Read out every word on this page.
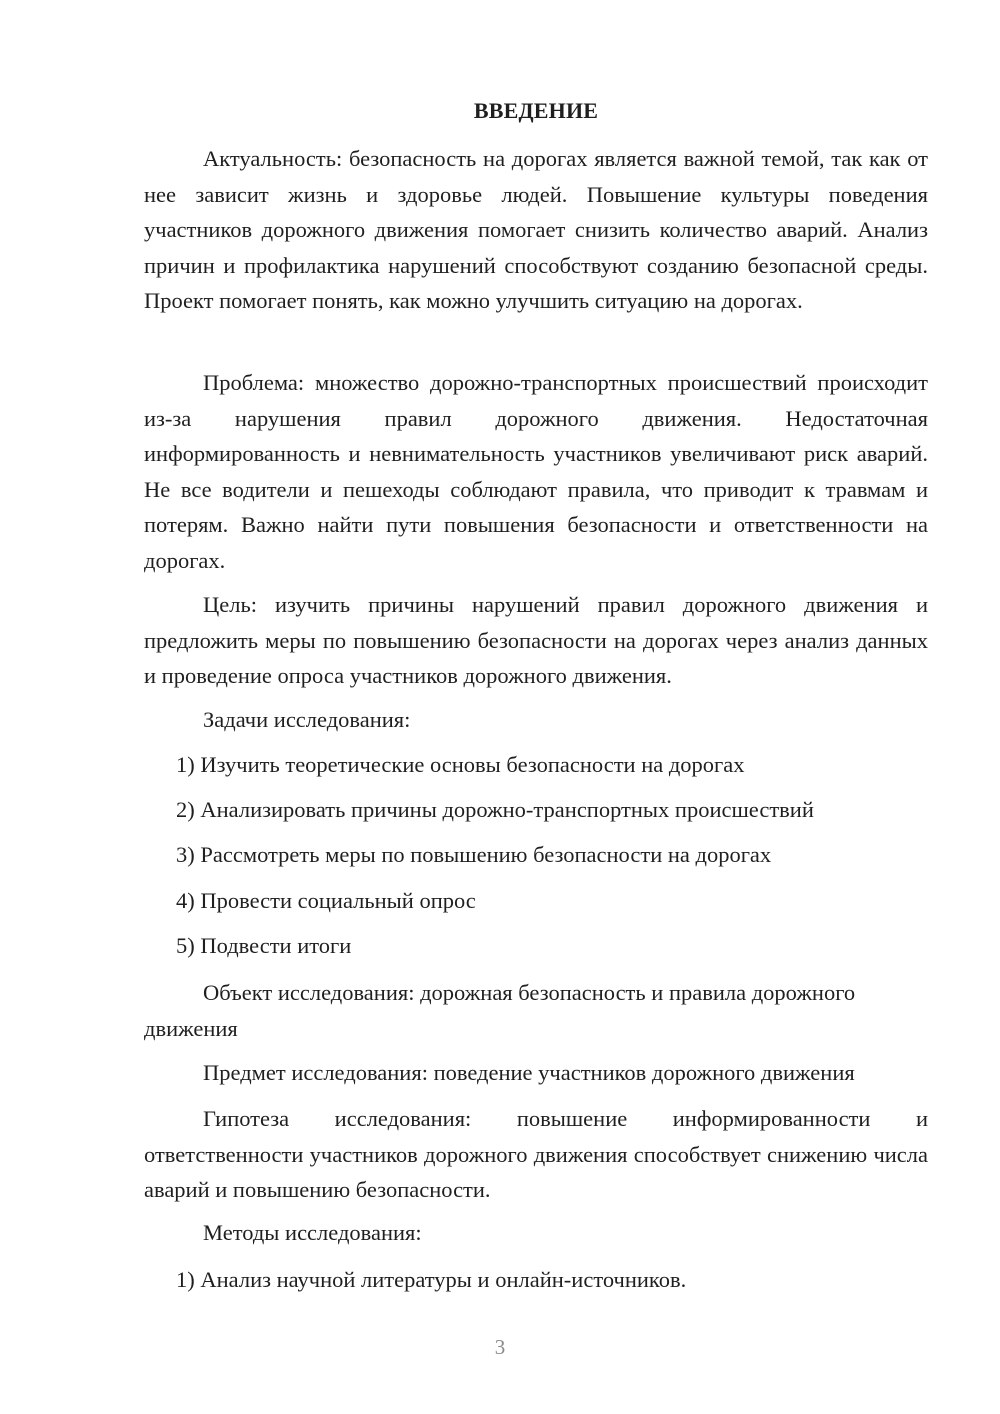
ВВЕДЕНИЕ

Актуальность: безопасность на дорогах является важной темой, так как от нее зависит жизнь и здоровье людей. Повышение культуры поведения участников дорожного движения помогает снизить количество аварий. Анализ причин и профилактика нарушений способствуют созданию безопасной среды. Проект помогает понять, как можно улучшить ситуацию на дорогах.

Проблема: множество дорожно-транспортных происшествий происходит из-за нарушения правил дорожного движения. Недостаточная информированность и невнимательность участников увеличивают риск аварий. Не все водители и пешеходы соблюдают правила, что приводит к травмам и потерям. Важно найти пути повышения безопасности и ответственности на дорогах.

Цель: изучить причины нарушений правил дорожного движения и предложить меры по повышению безопасности на дорогах через анализ данных и проведение опроса участников дорожного движения.

Задачи исследования:

1) Изучить теоретические основы безопасности на дорогах
2) Анализировать причины дорожно-транспортных происшествий
3) Рассмотреть меры по повышению безопасности на дорогах
4) Провести социальный опрос
5) Подвести итоги

Объект исследования: дорожная безопасность и правила дорожного движения

Предмет исследования: поведение участников дорожного движения

Гипотеза исследования: повышение информированности и ответственности участников дорожного движения способствует снижению числа аварий и повышению безопасности.

Методы исследования:

1) Анализ научной литературы и онлайн-источников.
3
